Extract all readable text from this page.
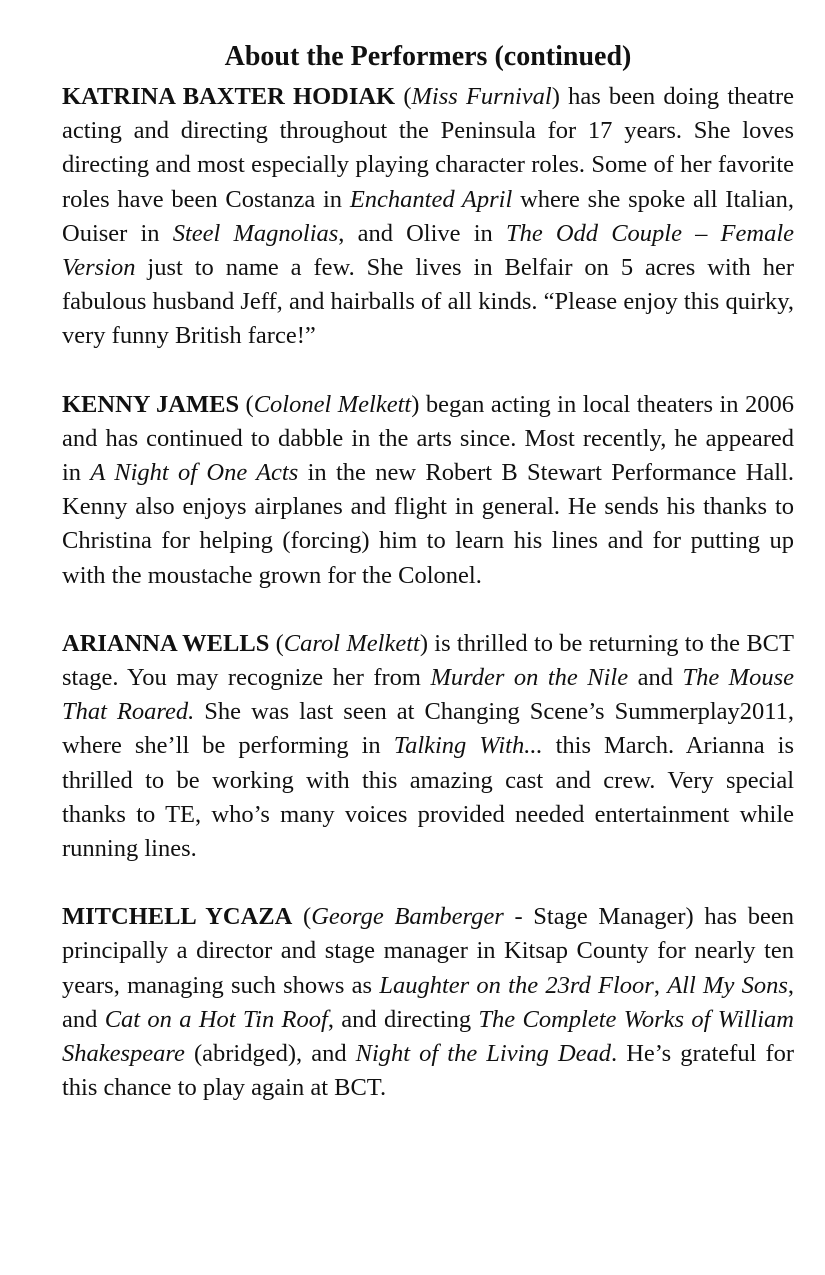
About the Performers (continued)

KATRINA BAXTER HODIAK (Miss Furnival) has been doing theatre acting and directing throughout the Peninsula for 17 years. She loves directing and most especially playing character roles. Some of her favorite roles have been Costanza in Enchanted April where she spoke all Italian, Ouiser in Steel Magnolias, and Olive in The Odd Couple – Female Version just to name a few. She lives in Belfair on 5 acres with her fabulous husband Jeff, and hairballs of all kinds. “Please enjoy this quirky, very funny British farce!”

KENNY JAMES (Colonel Melkett) began acting in local theaters in 2006 and has continued to dabble in the arts since. Most recently, he appeared in A Night of One Acts in the new Robert B Stewart Performance Hall. Kenny also enjoys airplanes and flight in general. He sends his thanks to Christina for helping (forcing) him to learn his lines and for putting up with the moustache grown for the Colonel.

ARIANNA WELLS (Carol Melkett) is thrilled to be returning to the BCT stage. You may recognize her from Murder on the Nile and The Mouse That Roared. She was last seen at Changing Scene’s Summerplay2011, where she’ll be performing in Talking With... this March. Arianna is thrilled to be working with this amazing cast and crew. Very special thanks to TE, who’s many voices provided needed entertainment while running lines.

MITCHELL YCAZA (George Bamberger - Stage Manager) has been principally a director and stage manager in Kitsap County for nearly ten years, managing such shows as Laughter on the 23rd Floor, All My Sons, and Cat on a Hot Tin Roof, and directing The Complete Works of William Shakespeare (abridged), and Night of the Living Dead. He’s grateful for this chance to play again at BCT.
